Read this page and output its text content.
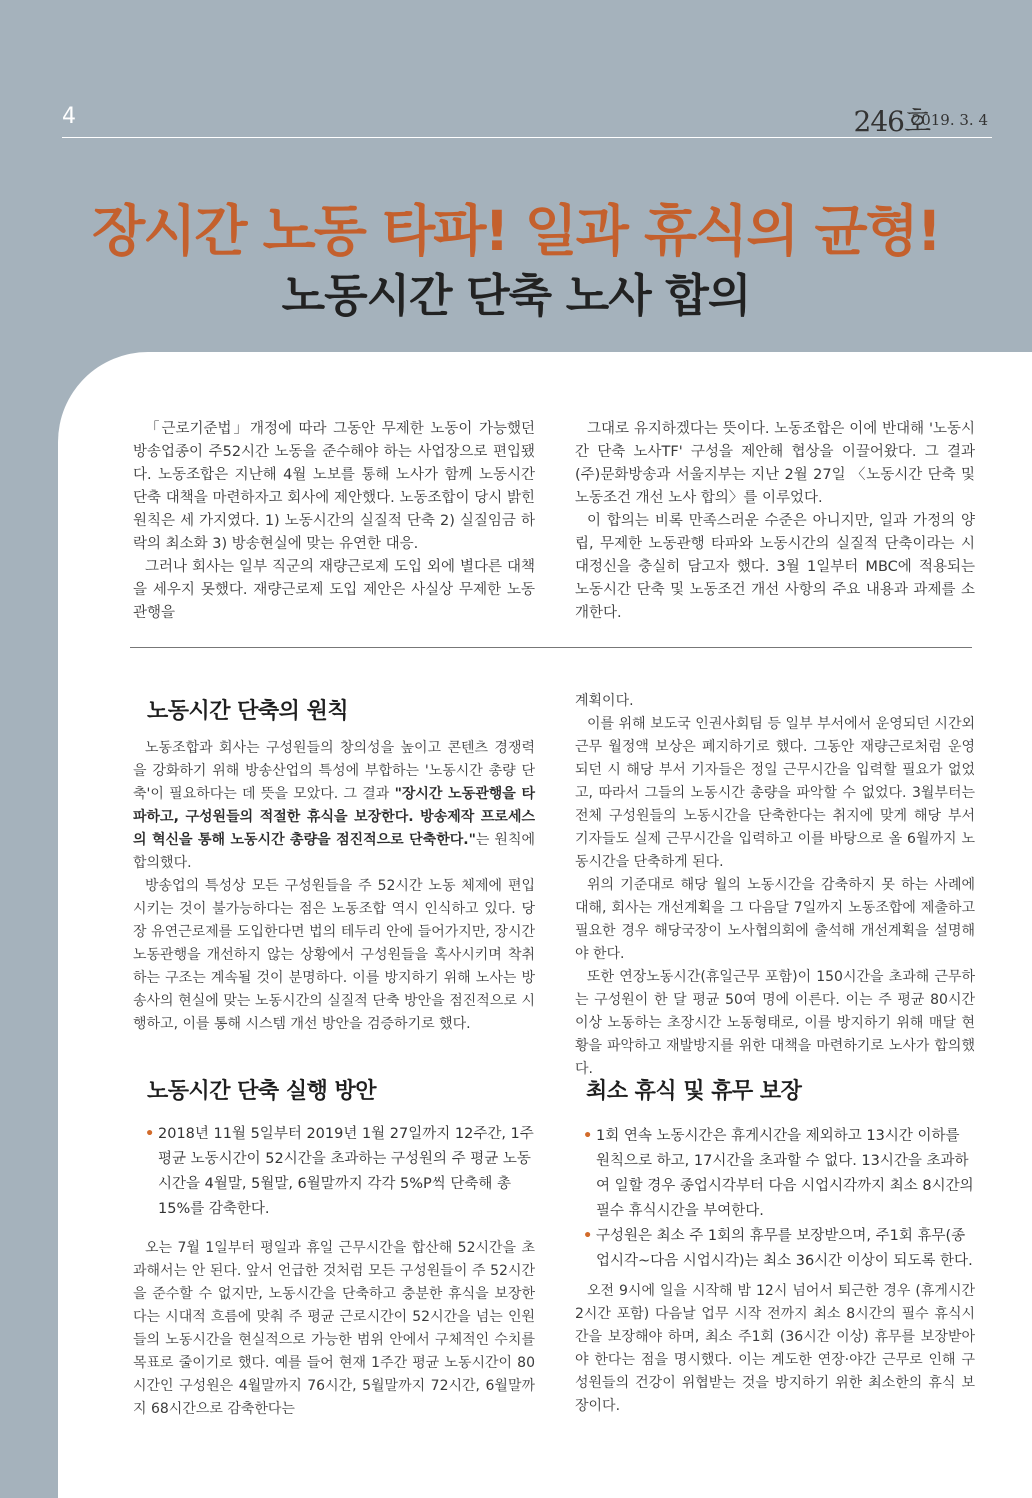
4	246호
2019. 3. 4
장시간 노동 타파! 일과 휴식의 균형!
노동시간 단축 노사 합의

「근로기준법」개정에 따라 그동안 무제한 노동이 가능했던 방송업종이 주52시간 노동을 준수해야 하는 사업장으로 편입됐다. 노동조합은 지난해 4월 노보를 통해 노사가 함께 노동시간 단축 대책을 마련하자고 회사에 제안했다. 노동조합이 당시 밝힌 원칙은 세 가지였다. 1) 노동시간의 실질적 단축 2) 실질임금 하락의 최소화 3) 방송현실에 맞는 유연한 대응.

그러나 회사는 일부 직군의 재량근로제 도입 외에 별다른 대책을 세우지 못했다. 재량근로제 도입 제안은 사실상 무제한 노동관행을

그대로 유지하겠다는 뜻이다. 노동조합은 이에 반대해 '노동시간 단축 노사TF' 구성을 제안해 협상을 이끌어왔다. 그 결과 (주)문화방송과 서울지부는 지난 2월 27일 〈노동시간 단축 및 노동조건 개선 노사 합의〉를 이루었다.

이 합의는 비록 만족스러운 수준은 아니지만, 일과 가정의 양립, 무제한 노동관행 타파와 노동시간의 실질적 단축이라는 시대정신을 충실히 담고자 했다. 3월 1일부터 MBC에 적용되는 노동시간 단축 및 노동조건 개선 사항의 주요 내용과 과제를 소개한다.

노동시간 단축의 원칙

노동조합과 회사는 구성원들의 창의성을 높이고 콘텐츠 경쟁력을 강화하기 위해 방송산업의 특성에 부합하는 '노동시간 총량 단축'이 필요하다는 데 뜻을 모았다. 그 결과 "장시간 노동관행을 타파하고, 구성원들의 적절한 휴식을 보장한다. 방송제작 프로세스의 혁신을 통해 노동시간 총량을 점진적으로 단축한다."는 원칙에 합의했다.

방송업의 특성상 모든 구성원들을 주 52시간 노동 체제에 편입시키는 것이 불가능하다는 점은 노동조합 역시 인식하고 있다. 당장 유연근로제를 도입한다면 법의 테두리 안에 들어가지만, 장시간 노동관행을 개선하지 않는 상황에서 구성원들을 혹사시키며 착취하는 구조는 계속될 것이 분명하다. 이를 방지하기 위해 노사는 방송사의 현실에 맞는 노동시간의 실질적 단축 방안을 점진적으로 시행하고, 이를 통해 시스템 개선 방안을 검증하기로 했다.

계획이다.

이를 위해 보도국 인권사회팀 등 일부 부서에서 운영되던 시간외 근무 월정액 보상은 폐지하기로 했다. 그동안 재량근로처럼 운영되던 시 해당 부서 기자들은 정일 근무시간을 입력할 필요가 없었고, 따라서 그들의 노동시간 총량을 파악할 수 없었다. 3월부터는 전체 구성원들의 노동시간을 단축한다는 취지에 맞게 해당 부서 기자들도 실제 근무시간을 입력하고 이를 바탕으로 올 6월까지 노동시간을 단축하게 된다.

위의 기준대로 해당 월의 노동시간을 감축하지 못 하는 사례에 대해, 회사는 개선계획을 그 다음달 7일까지 노동조합에 제출하고 필요한 경우 해당국장이 노사협의회에 출석해 개선계획을 설명해야 한다.

또한 연장노동시간(휴일근무 포함)이 150시간을 초과해 근무하는 구성원이 한 달 평균 50여 명에 이른다. 이는 주 평균 80시간 이상 노동하는 초장시간 노동형태로, 이를 방지하기 위해 매달 현황을 파악하고 재발방지를 위한 대책을 마련하기로 노사가 합의했다.

노동시간 단축 실행 방안
• 2018년 11월 5일부터 2019년 1월 27일까지 12주간, 1주 평균 노동시간이 52시간을 초과하는 구성원의 주 평균 노동시간을 4월말, 5월말, 6월말까지 각각 5%P씩 단축해 총 15%를 감축한다.

오는 7월 1일부터 평일과 휴일 근무시간을 합산해 52시간을 초과해서는 안 된다. 앞서 언급한 것처럼 모든 구성원들이 주 52시간을 준수할 수 없지만, 노동시간을 단축하고 충분한 휴식을 보장한다는 시대적 흐름에 맞춰 주 평균 근로시간이 52시간을 넘는 인원들의 노동시간을 현실적으로 가능한 범위 안에서 구체적인 수치를 목표로 줄이기로 했다. 예를 들어 현재 1주간 평균 노동시간이 80시간인 구성원은 4월말까지 76시간, 5월말까지 72시간, 6월말까지 68시간으로 감축한다는

최소 휴식 및 휴무 보장
• 1회 연속 노동시간은 휴게시간을 제외하고 13시간 이하를 원칙으로 하고, 17시간을 초과할 수 없다. 13시간을 초과하여 일할 경우 종업시각부터 다음 시업시각까지 최소 8시간의 필수 휴식시간을 부여한다.
• 구성원은 최소 주 1회의 휴무를 보장받으며, 주1회 휴무(종업시각~다음 시업시각)는 최소 36시간 이상이 되도록 한다.

오전 9시에 일을 시작해 밤 12시 넘어서 퇴근한 경우 (휴게시간 2시간 포함) 다음날 업무 시작 전까지 최소 8시간의 필수 휴식시간을 보장해야 하며, 최소 주1회 (36시간 이상) 휴무를 보장받아야 한다는 점을 명시했다. 이는 계도한 연장·야간 근무로 인해 구성원들의 건강이 위협받는 것을 방지하기 위한 최소한의 휴식 보장이다.
